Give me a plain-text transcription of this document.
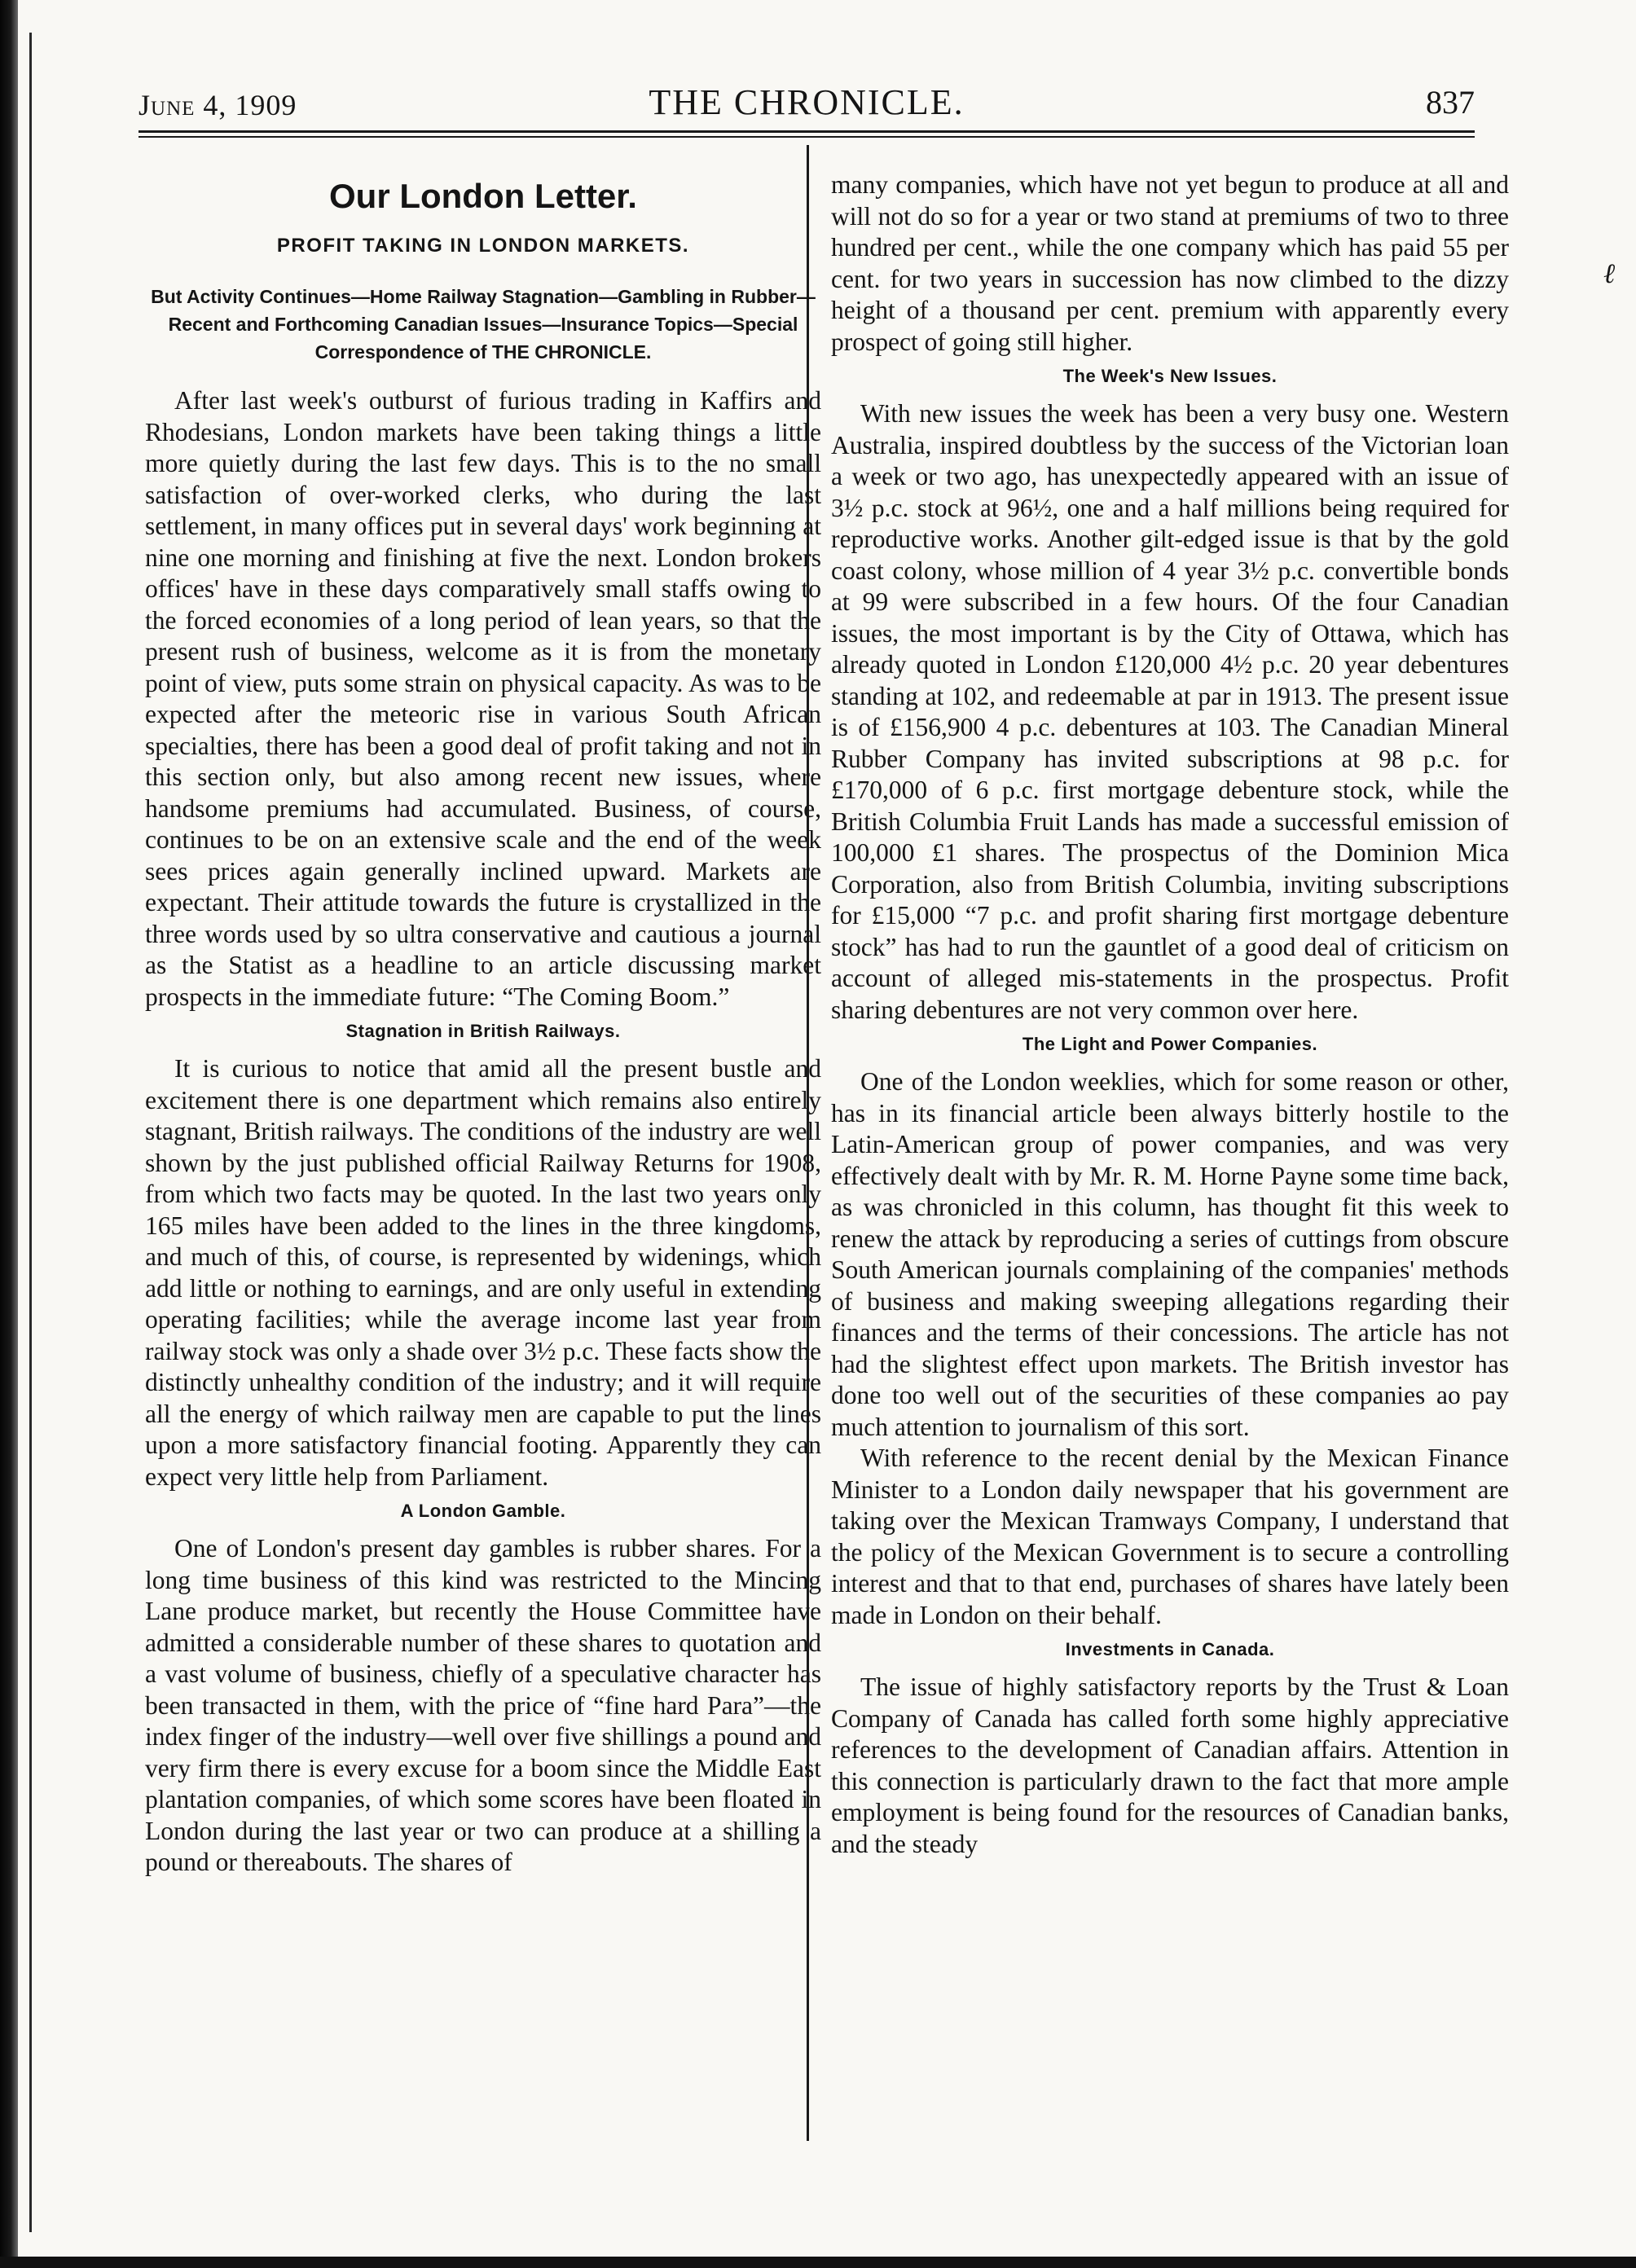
June 4, 1909	THE CHRONICLE.	837
Our London Letter.
PROFIT TAKING IN LONDON MARKETS.
But Activity Continues—Home Railway Stagnation—Gambling in Rubber—Recent and Forthcoming Canadian Issues—Insurance Topics—Special Correspondence of THE CHRONICLE.

After last week's outburst of furious trading in Kaffirs and Rhodesians, London markets have been taking things a little more quietly during the last few days. This is to the no small satisfaction of over-worked clerks, who during the last settlement, in many offices put in several days' work beginning at nine one morning and finishing at five the next. London brokers offices' have in these days comparatively small staffs owing to the forced economies of a long period of lean years, so that the present rush of business, welcome as it is from the monetary point of view, puts some strain on physical capacity. As was to be expected after the meteoric rise in various South African specialties, there has been a good deal of profit taking and not in this section only, but also among recent new issues, where handsome premiums had accumulated. Business, of course, continues to be on an extensive scale and the end of the week sees prices again generally inclined upward. Markets are expectant. Their attitude towards the future is crystallized in the three words used by so ultra conservative and cautious a journal as the Statist as a headline to an article discussing market prospects in the immediate future: “The Coming Boom.”

Stagnation in British Railways.

It is curious to notice that amid all the present bustle and excitement there is one department which remains also entirely stagnant, British railways. The conditions of the industry are well shown by the just published official Railway Returns for 1908, from which two facts may be quoted. In the last two years only 165 miles have been added to the lines in the three kingdoms, and much of this, of course, is represented by widenings, which add little or nothing to earnings, and are only useful in extending operating facilities; while the average income last year from railway stock was only a shade over 3½ p.c. These facts show the distinctly unhealthy condition of the industry; and it will require all the energy of which railway men are capable to put the lines upon a more satisfactory financial footing. Apparently they can expect very little help from Parliament.

A London Gamble.

One of London's present day gambles is rubber shares. For a long time business of this kind was restricted to the Mincing Lane produce market, but recently the House Committee have admitted a considerable number of these shares to quotation and a vast volume of business, chiefly of a speculative character has been transacted in them, with the price of “fine hard Para”—the index finger of the industry—well over five shillings a pound and very firm there is every excuse for a boom since the Middle East plantation companies, of which some scores have been floated in London during the last year or two can produce at a shilling a pound or thereabouts. The shares of

many companies, which have not yet begun to produce at all and will not do so for a year or two stand at premiums of two to three hundred per cent., while the one company which has paid 55 per cent. for two years in succession has now climbed to the dizzy height of a thousand per cent. premium with apparently every prospect of going still higher.

The Week's New Issues.

With new issues the week has been a very busy one. Western Australia, inspired doubtless by the success of the Victorian loan a week or two ago, has unexpectedly appeared with an issue of 3½ p.c. stock at 96½, one and a half millions being required for reproductive works. Another gilt-edged issue is that by the gold coast colony, whose million of 4 year 3½ p.c. convertible bonds at 99 were subscribed in a few hours. Of the four Canadian issues, the most important is by the City of Ottawa, which has already quoted in London £120,000 4½ p.c. 20 year debentures standing at 102, and redeemable at par in 1913. The present issue is of £156,900 4 p.c. debentures at 103. The Canadian Mineral Rubber Company has invited subscriptions at 98 p.c. for £170,000 of 6 p.c. first mortgage debenture stock, while the British Columbia Fruit Lands has made a successful emission of 100,000 £1 shares. The prospectus of the Dominion Mica Corporation, also from British Columbia, inviting subscriptions for £15,000 “7 p.c. and profit sharing first mortgage debenture stock” has had to run the gauntlet of a good deal of criticism on account of alleged mis-statements in the prospectus. Profit sharing debentures are not very common over here.

The Light and Power Companies.

One of the London weeklies, which for some reason or other, has in its financial article been always bitterly hostile to the Latin-American group of power companies, and was very effectively dealt with by Mr. R. M. Horne Payne some time back, as was chronicled in this column, has thought fit this week to renew the attack by reproducing a series of cuttings from obscure South American journals complaining of the companies' methods of business and making sweeping allegations regarding their finances and the terms of their concessions. The article has not had the slightest effect upon markets. The British investor has done too well out of the securities of these companies ao pay much attention to journalism of this sort.

With reference to the recent denial by the Mexican Finance Minister to a London daily newspaper that his government are taking over the Mexican Tramways Company, I understand that the policy of the Mexican Government is to secure a controlling interest and that to that end, purchases of shares have lately been made in London on their behalf.

Investments in Canada.

The issue of highly satisfactory reports by the Trust & Loan Company of Canada has called forth some highly appreciative references to the development of Canadian affairs. Attention in this connection is particularly drawn to the fact that more ample employment is being found for the resources of Canadian banks, and the steady

ℓ
